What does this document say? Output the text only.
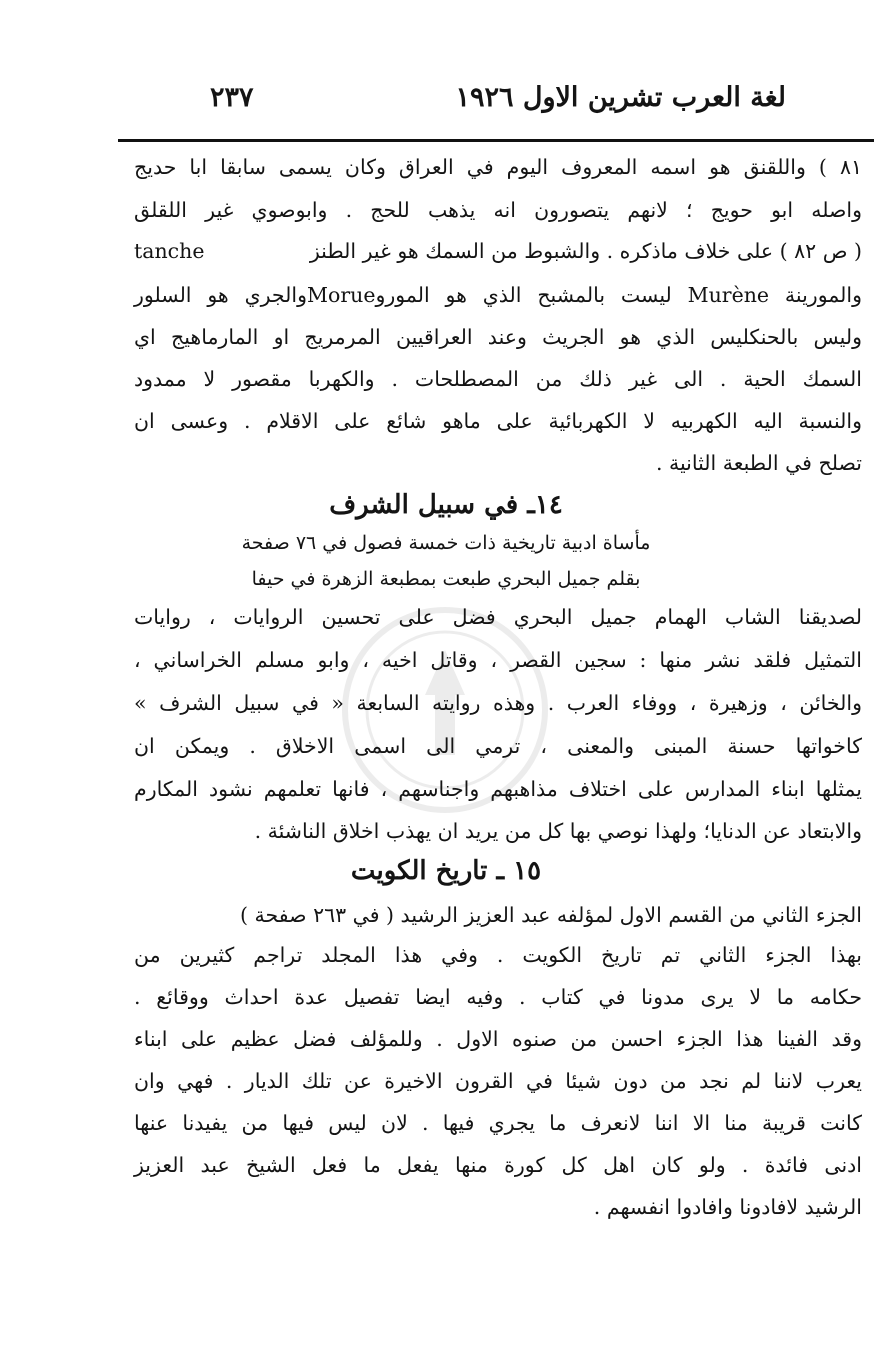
لغة العرب تشرين الاول ١٩٢٦
٢٣٧
٨١ ) واللقنق هو اسمه المعروف اليوم في العراق وكان يسمى سابقا ابا حديج
واصله ابو حويج ؛ لانهم يتصورون انه يذهب للحج . وابوصوي غير اللقلق
( ص ٨٢ ) على خلاف ماذكره . والشبوط من السمك هو غير الطنز
tanche
والمورينة Murène ليست بالمشبح الذي هو الموروMorueوالجري هو السلور
وليس بالحنكليس الذي هو الجريث وعند العراقيين المرمريج او المارماهيج اي
السمك الحية . الى غير ذلك من المصطلحات . والكهربا مقصور لا ممدود
والنسبة اليه الكهربيه لا الكهربائية على ماهو شائع على الاقلام . وعسى ان
تصلح في الطبعة الثانية .
١٤ـ في سبيل الشرف
مأساة ادبية تاريخية ذات خمسة فصول في ٧٦ صفحة
بقلم جميل البحري طبعت بمطبعة الزهرة في حيفا
لصديقنا الشاب الهمام جميل البحري فضل على تحسين الروايات ، روايات
التمثيل فلقد نشر منها : سجين القصر ، وقاتل اخيه ، وابو مسلم الخراساني ،
والخائن ، وزهيرة ، ووفاء العرب . وهذه روايته السابعة « في سبيل الشرف »
كاخواتها حسنة المبنى والمعنى ، ترمي الى اسمى الاخلاق . ويمكن ان
يمثلها ابناء المدارس على اختلاف مذاهبهم واجناسهم ، فانها تعلمهم نشود المكارم
والابتعاد عن الدنايا؛ ولهذا نوصي بها كل من يريد ان يهذب اخلاق الناشئة .
١٥ ـ تاريخ الكويت
الجزء الثاني من القسم الاول لمؤلفه عبد العزيز الرشيد ( في ٢٦٣ صفحة )
بهذا الجزء الثاني تم تاريخ الكويت . وفي هذا المجلد تراجم كثيرين من
حكامه ما لا يرى مدونا في كتاب . وفيه ايضا تفصيل عدة احداث ووقائع .
وقد الفينا هذا الجزء احسن من صنوه الاول . وللمؤلف فضل عظيم على ابناء
يعرب لاننا لم نجد من دون شيئا في القرون الاخيرة عن تلك الديار . فهي وان
كانت قريبة منا الا اننا لانعرف ما يجري فيها . لان ليس فيها من يفيدنا عنها
ادنى فائدة . ولو كان اهل كل كورة منها يفعل ما فعل الشيخ عبد العزيز
الرشيد لافادونا وافادوا انفسهم .
